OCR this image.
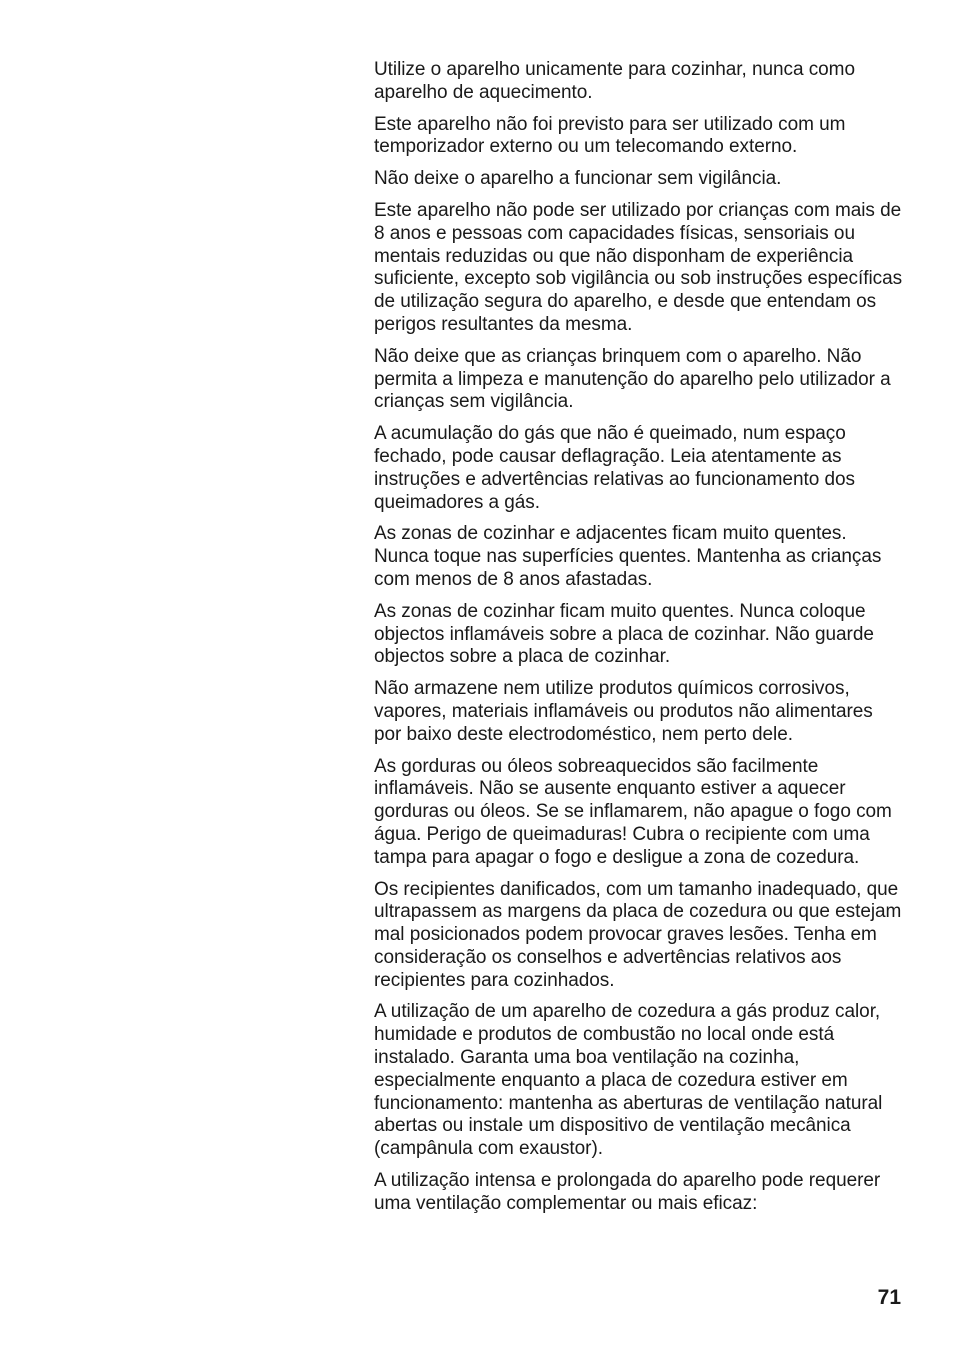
Utilize o aparelho unicamente para cozinhar, nunca como aparelho de aquecimento.

Este aparelho não foi previsto para ser utilizado com um temporizador externo ou um telecomando externo.

Não deixe o aparelho a funcionar sem vigilância.

Este aparelho não pode ser utilizado por crianças com mais de 8 anos e pessoas com capacidades físicas, sensoriais ou mentais reduzidas ou que não disponham de experiência suficiente, excepto sob vigilância ou sob instruções específicas de utilização segura do aparelho, e desde que entendam os perigos resultantes da mesma.

Não deixe que as crianças brinquem com o aparelho. Não permita a limpeza e manutenção do aparelho pelo utilizador a crianças sem vigilância.

A acumulação do gás que não é queimado, num espaço fechado, pode causar deflagração. Leia atentamente as instruções e advertências relativas ao funcionamento dos queimadores a gás.

As zonas de cozinhar e adjacentes ficam muito quentes. Nunca toque nas superfícies quentes. Mantenha as crianças com menos de 8 anos afastadas.

As zonas de cozinhar ficam muito quentes. Nunca coloque objectos inflamáveis sobre a placa de cozinhar. Não guarde objectos sobre a placa de cozinhar.

Não armazene nem utilize produtos químicos corrosivos, vapores, materiais inflamáveis ou produtos não alimentares por baixo deste electrodoméstico, nem perto dele.

As gorduras ou óleos sobreaquecidos são facilmente inflamáveis. Não se ausente enquanto estiver a aquecer gorduras ou óleos. Se se inflamarem, não apague o fogo com água. Perigo de queimaduras! Cubra o recipiente com uma tampa para apagar o fogo e desligue a zona de cozedura.

Os recipientes danificados, com um tamanho inadequado, que ultrapassem as margens da placa de cozedura ou que estejam mal posicionados podem provocar graves lesões. Tenha em consideração os conselhos e advertências relativos aos recipientes para cozinhados.

A utilização de um aparelho de cozedura a gás produz calor, humidade e produtos de combustão no local onde está instalado. Garanta uma boa ventilação na cozinha, especialmente enquanto a placa de cozedura estiver em funcionamento: mantenha as aberturas de ventilação natural abertas ou instale um dispositivo de ventilação mecânica (campânula com exaustor).

A utilização intensa e prolongada do aparelho pode requerer uma ventilação complementar ou mais eficaz:

71
